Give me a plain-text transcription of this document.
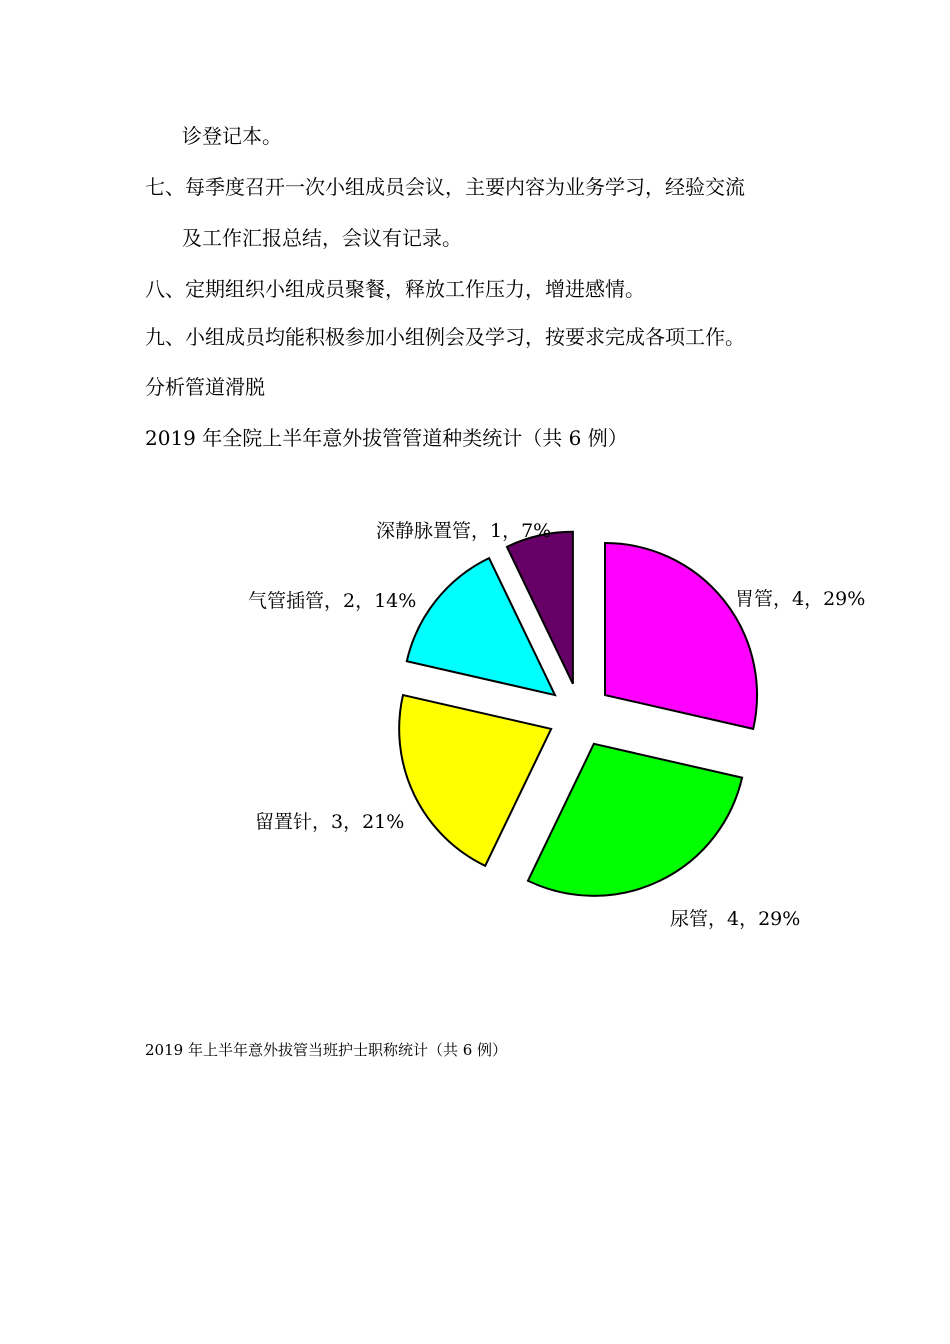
诊登记本。
七、每季度召开一次小组成员会议，主要内容为业务学习，经验交流
及工作汇报总结，会议有记录。
八、定期组织小组成员聚餐，释放工作压力，增进感情。
九、小组成员均能积极参加小组例会及学习，按要求完成各项工作。
分析管道滑脱
2019 年全院上半年意外拔管管道种类统计（共 6 例）
胃管，4，29%
尿管，4，29%
留置针，3，21%
气管插管，2，14%
深静脉置管，1，7%
2019 年上半年意外拔管当班护士职称统计（共 6 例）
